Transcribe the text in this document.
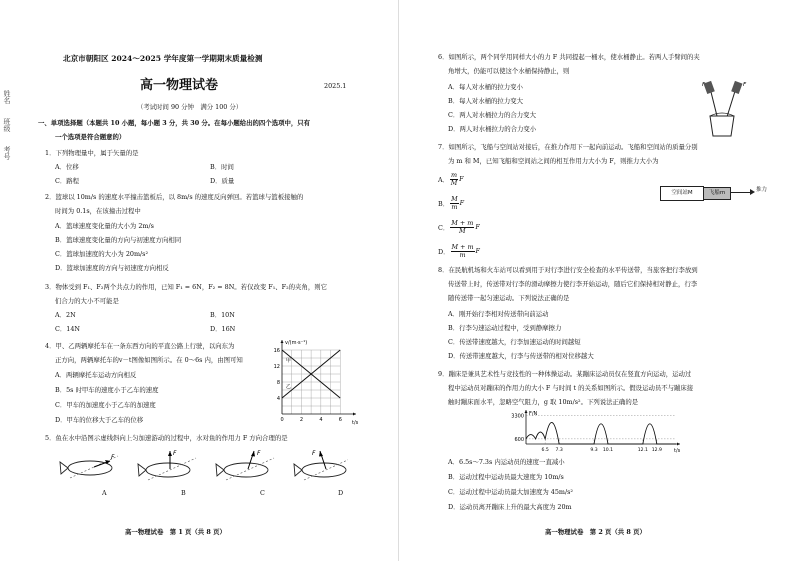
姓名
班级
考号
北京市朝阳区 2024～2025 学年度第一学期期末质量检测
高一物理试卷	2025.1
（考试时间 90 分钟　满分 100 分）
一、单项选择题（本题共 10 小题，每小题 3 分，共 30 分。在每小题给出的四个选项中，只有
一个选项是符合题意的）
1．下列物理量中，属于矢量的是
A．位移	B．时间
C．路程	D．质量
2．篮球以 10m/s 的速度水平撞击篮板后，以 8m/s 的速度反向弹回。若篮球与篮板接触的
时间为 0.1s，在该撞击过程中
A．篮球速度变化量的大小为 2m/s
B．篮球速度变化量的方向与初速度方向相同
C．篮球加速度的大小为 20m/s²
D．篮球加速度的方向与初速度方向相反
3．物体受到 F₁、F₂两个共点力的作用，已知 F₁ = 6N，F₂ = 8N。若仅改变 F₁、F₂的夹角，则它
们合力的大小不可能是
A．2N	B．10N
C．14N	D．16N
4．甲、乙两辆摩托车在一条东西方向的平直公路上行驶，以向东为
正方向，两辆摩托车的v－t图像如图所示。在 0～6s 内，由图可知
A．两辆摩托车运动方向相反
B．5s 时甲车的速度小于乙车的速度
C．甲车的加速度小于乙车的加速度
D．甲车的位移大于乙车的位移
v/(m·s⁻¹)
t/s
0	2	4	6
4
8
12
16
甲
乙
5．鱼在水中沿图示虚线斜向上匀加速游动的过程中，水对鱼的作用力 F 方向合理的是
F
F	F	F
A	B	C	D
高一物理试卷　第 1 页（共 8 页）
6．如图所示，两个同学用同样大小的力 F 共同提起一桶水，使水桶静止。若两人手臂间的夹
角增大，仍能可以使这个水桶保持静止，则
A．每人对水桶的拉力变小
B．每人对水桶的拉力变大
C．两人对水桶拉力的合力变大
D．两人对水桶拉力的合力变小
F	F
7．如图所示，飞船与空间站对接后，在推力作用下一起向前运动。飞船和空间站的质量分别
为 m 和 M，已知飞船和空间站之间的相互作用力大小为 F，则推力大小为
空间站M	飞船m	推力
8．在民航机场和火车站可以看到用于对行李进行安全检查的水平传送带，当旅客把行李放到
传送带上时，传送带对行李的滑动摩擦力使行李开始运动，随后它们保持相对静止，行李
随传送带一起匀速运动。下列说法正确的是
A．刚开始行李相对传送带向前运动
B．行李匀速运动过程中，受到静摩擦力
C．传送带速度越大，行李加速运动的时间越短
D．传送带速度越大，行李与传送带的相对位移越大
9．蹦床是兼具艺术性与竞技性的一种体操运动。某蹦床运动员仅在竖直方向运动，运动过
程中运动员对蹦床的作用力的大小 F 与时间 t 的关系如图所示。假设运动员不与蹦床接
触时蹦床面水平，忽略空气阻力，g 取 10m/s²。下列说法正确的是
F/N
t/s
600
3300
6.5 7.3	9.3 10.1	12.1 12.9
A．6.5s～7.3s 内运动员的速度一直减小
B．运动过程中运动员最大速度为 10m/s
C．运动过程中运动员最大加速度为 45m/s²
D．运动员离开蹦床上升的最大高度为 20m
高一物理试卷　第 2 页（共 8 页）
A． $\frac{m}{M}$ F
B． $\frac{M}{m}$ F
C． $\frac{M + m}{M}$ F
D． $\frac{M + m}{m}$ F
